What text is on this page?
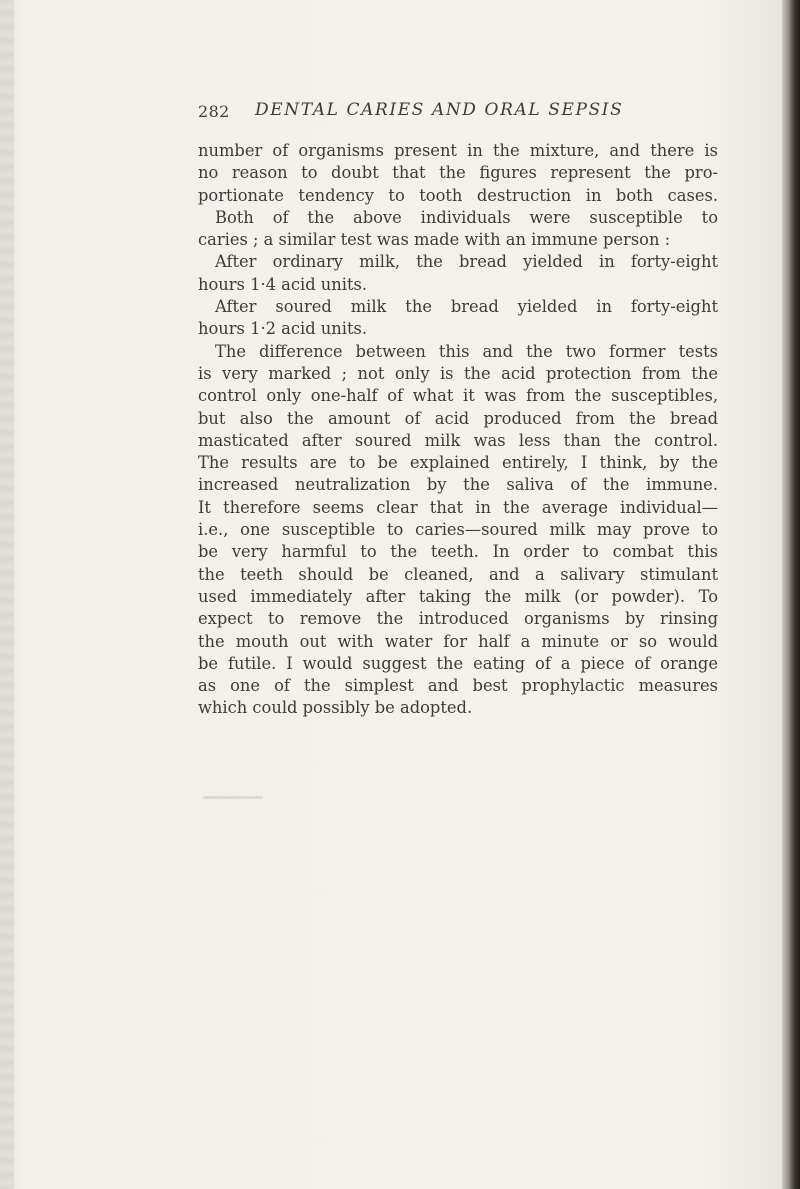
282 DENTAL CARIES AND ORAL SEPSIS
number of organisms present in the mixture, and there is
no reason to doubt that the figures represent the pro-
portionate tendency to tooth destruction in both cases.
Both of the above individuals were susceptible to
caries ; a similar test was made with an immune person :
After ordinary milk, the bread yielded in forty-eight
hours 1·4 acid units.
After soured milk the bread yielded in forty-eight
hours 1·2 acid units.
The difference between this and the two former tests
is very marked ; not only is the acid protection from the
control only one-half of what it was from the susceptibles,
but also the amount of acid produced from the bread
masticated after soured milk was less than the control.
The results are to be explained entirely, I think, by the
increased neutralization by the saliva of the immune.
It therefore seems clear that in the average individual—
i.e., one susceptible to caries—soured milk may prove to
be very harmful to the teeth. In order to combat this
the teeth should be cleaned, and a salivary stimulant
used immediately after taking the milk (or powder). To
expect to remove the introduced organisms by rinsing
the mouth out with water for half a minute or so would
be futile. I would suggest the eating of a piece of orange
as one of the simplest and best prophylactic measures
which could possibly be adopted.
